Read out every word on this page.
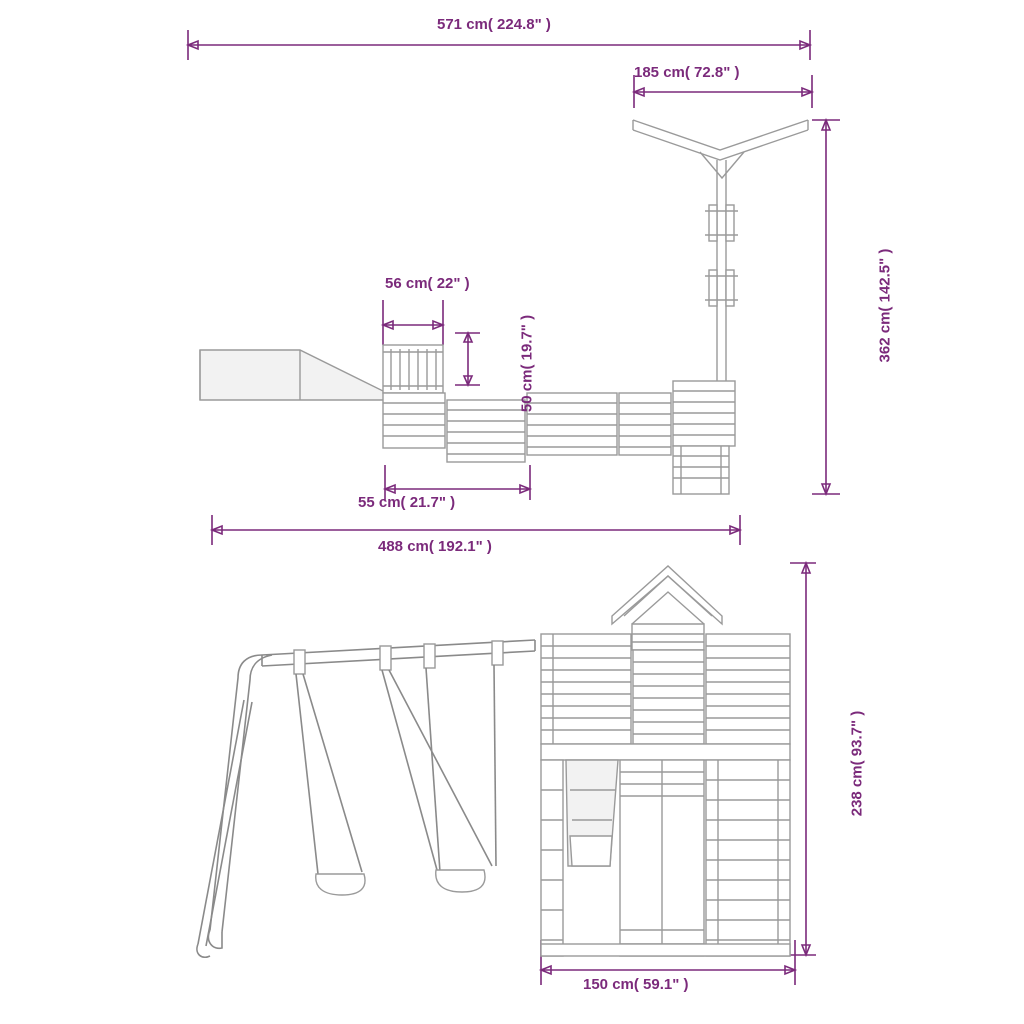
571 cm( 224.8" )
185 cm( 72.8" )
362 cm( 142.5" )
56 cm( 22" )
50 cm( 19.7" )
55 cm( 21.7" )
488 cm( 192.1" )
238 cm( 93.7" )
150 cm( 59.1" )
